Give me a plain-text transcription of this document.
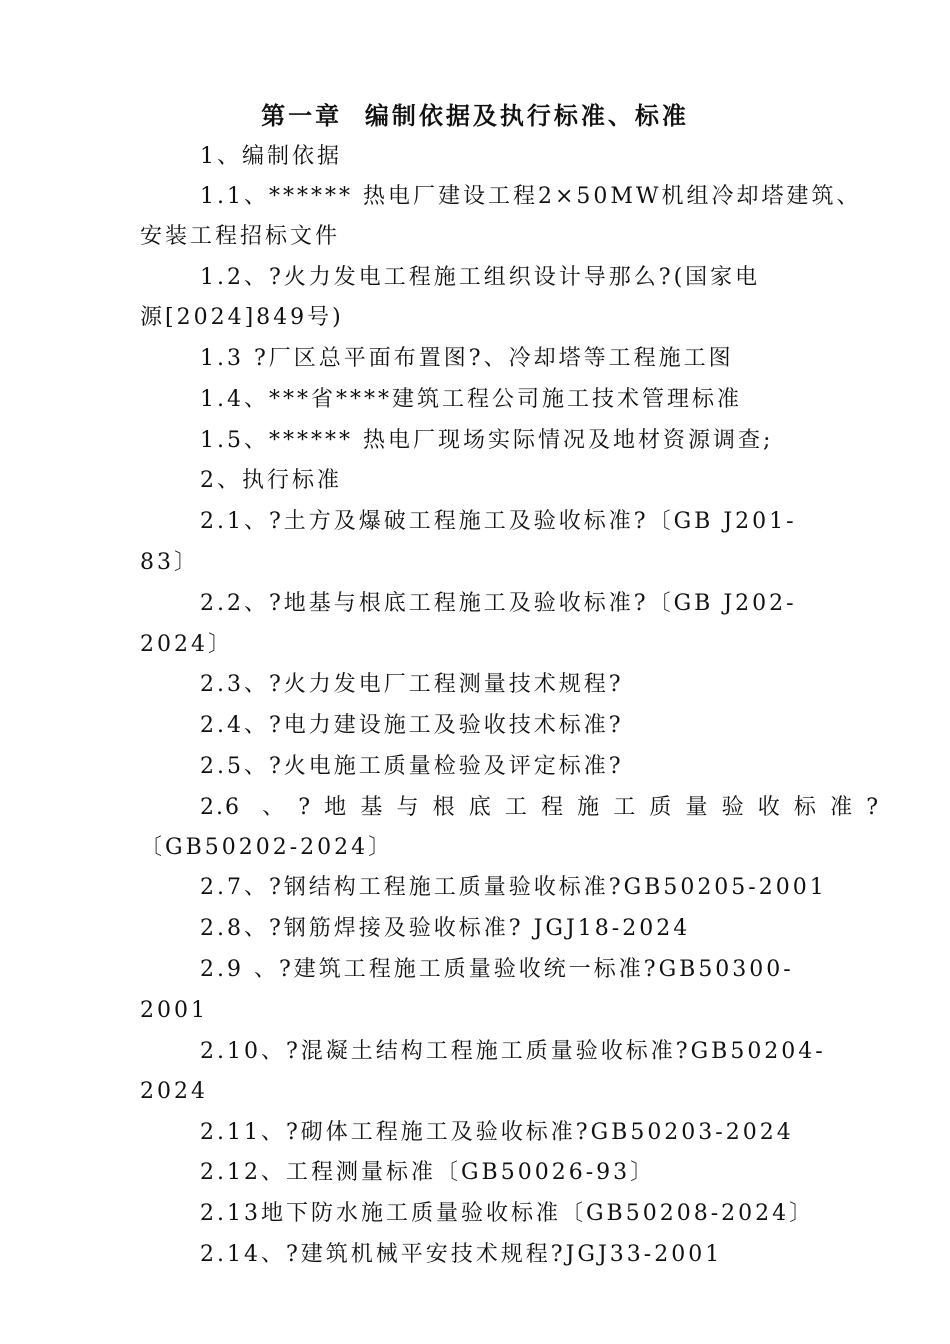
第一章  编制依据及执行标准、标准
1、编制依据
1.1、****** 热电厂建设工程2×50MW机组冷却塔建筑、
安装工程招标文件
1.2、?火力发电工程施工组织设计导那么?(国家电
源[2024]849号)
1.3 ?厂区总平面布置图?、冷却塔等工程施工图
1.4、***省****建筑工程公司施工技术管理标准
1.5、****** 热电厂现场实际情况及地材资源调查;
2、执行标准
2.1、?土方及爆破工程施工及验收标准?〔GB J201-
83〕
2.2、?地基与根底工程施工及验收标准?〔GB J202-
2024〕
2.3、?火力发电厂工程测量技术规程?
2.4、?电力建设施工及验收技术标准?
2.5、?火电施工质量检验及评定标准?
2.6 、?地基与根底工程施工质量验收标准?
〔GB50202-2024〕
2.7、?钢结构工程施工质量验收标准?GB50205-2001
2.8、?钢筋焊接及验收标准? JGJ18-2024
2.9 、?建筑工程施工质量验收统一标准?GB50300-
2001
2.10、?混凝土结构工程施工质量验收标准?GB50204-
2024
2.11、?砌体工程施工及验收标准?GB50203-2024
2.12、工程测量标准〔GB50026-93〕
2.13地下防水施工质量验收标准〔GB50208-2024〕
2.14、?建筑机械平安技术规程?JGJ33-2001
